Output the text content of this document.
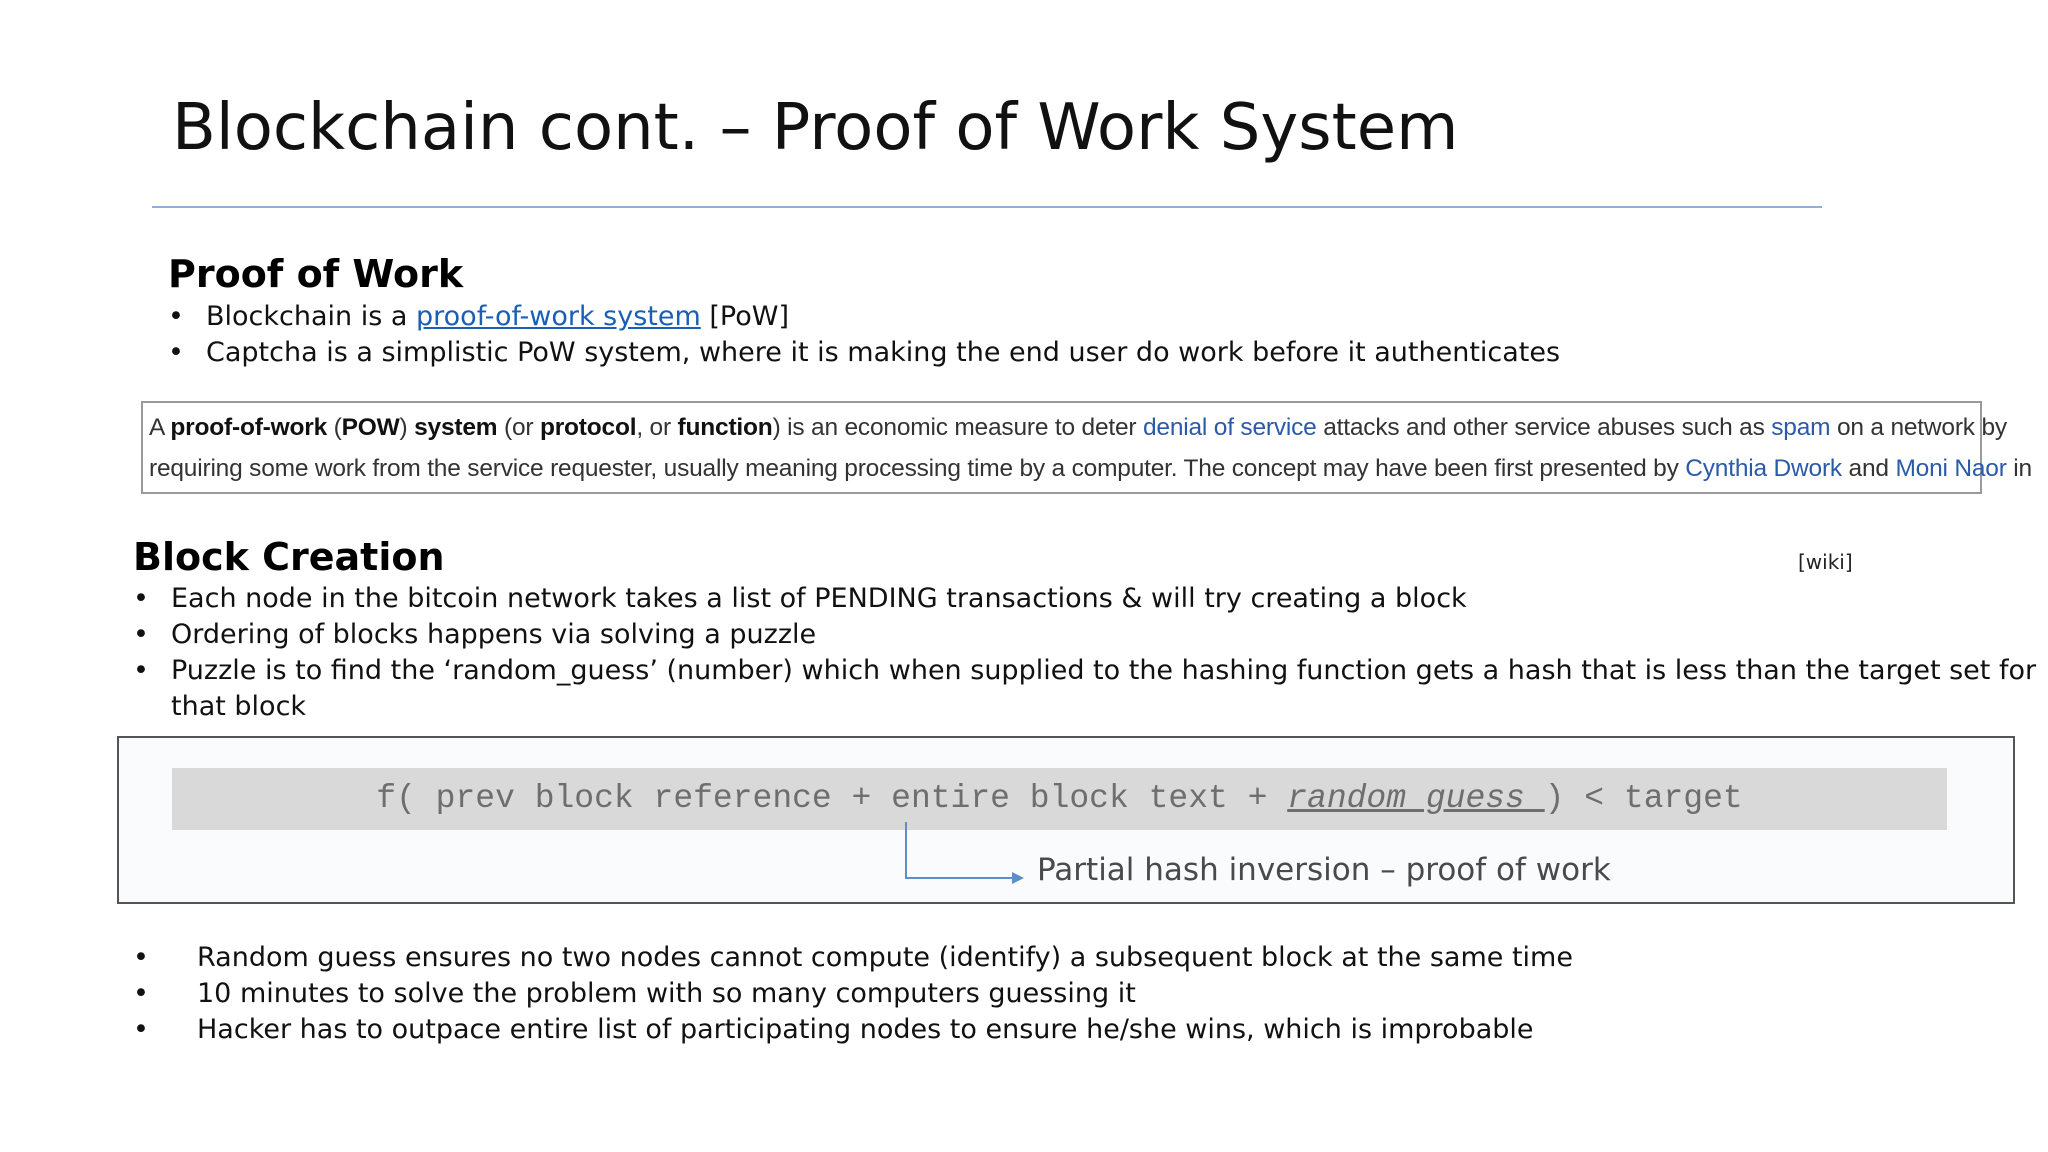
Blockchain cont. – Proof of Work System
Proof of Work
• Blockchain is a proof-of-work system [PoW]
• Captcha is a simplistic PoW system, where it is making the end user do work before it authenticates
A proof-of-work (POW) system (or protocol, or function) is an economic measure to deter denial of service attacks and other service abuses such as spam on a network by
requiring some work from the service requester, usually meaning processing time by a computer. The concept may have been first presented by Cynthia Dwork and Moni Naor in
[wiki]
Block Creation
• Each node in the bitcoin network takes a list of PENDING transactions & will try creating a block
• Ordering of blocks happens via solving a puzzle
• Puzzle is to find the ‘random_guess’ (number) which when supplied to the hashing function gets a hash that is less than the target set for
that block
f( prev block reference + entire block text + random guess ) < target
Partial hash inversion – proof of work
• Random guess ensures no two nodes cannot compute (identify) a subsequent block at the same time
• 10 minutes to solve the problem with so many computers guessing it
• Hacker has to outpace entire list of participating nodes to ensure he/she wins, which is improbable
